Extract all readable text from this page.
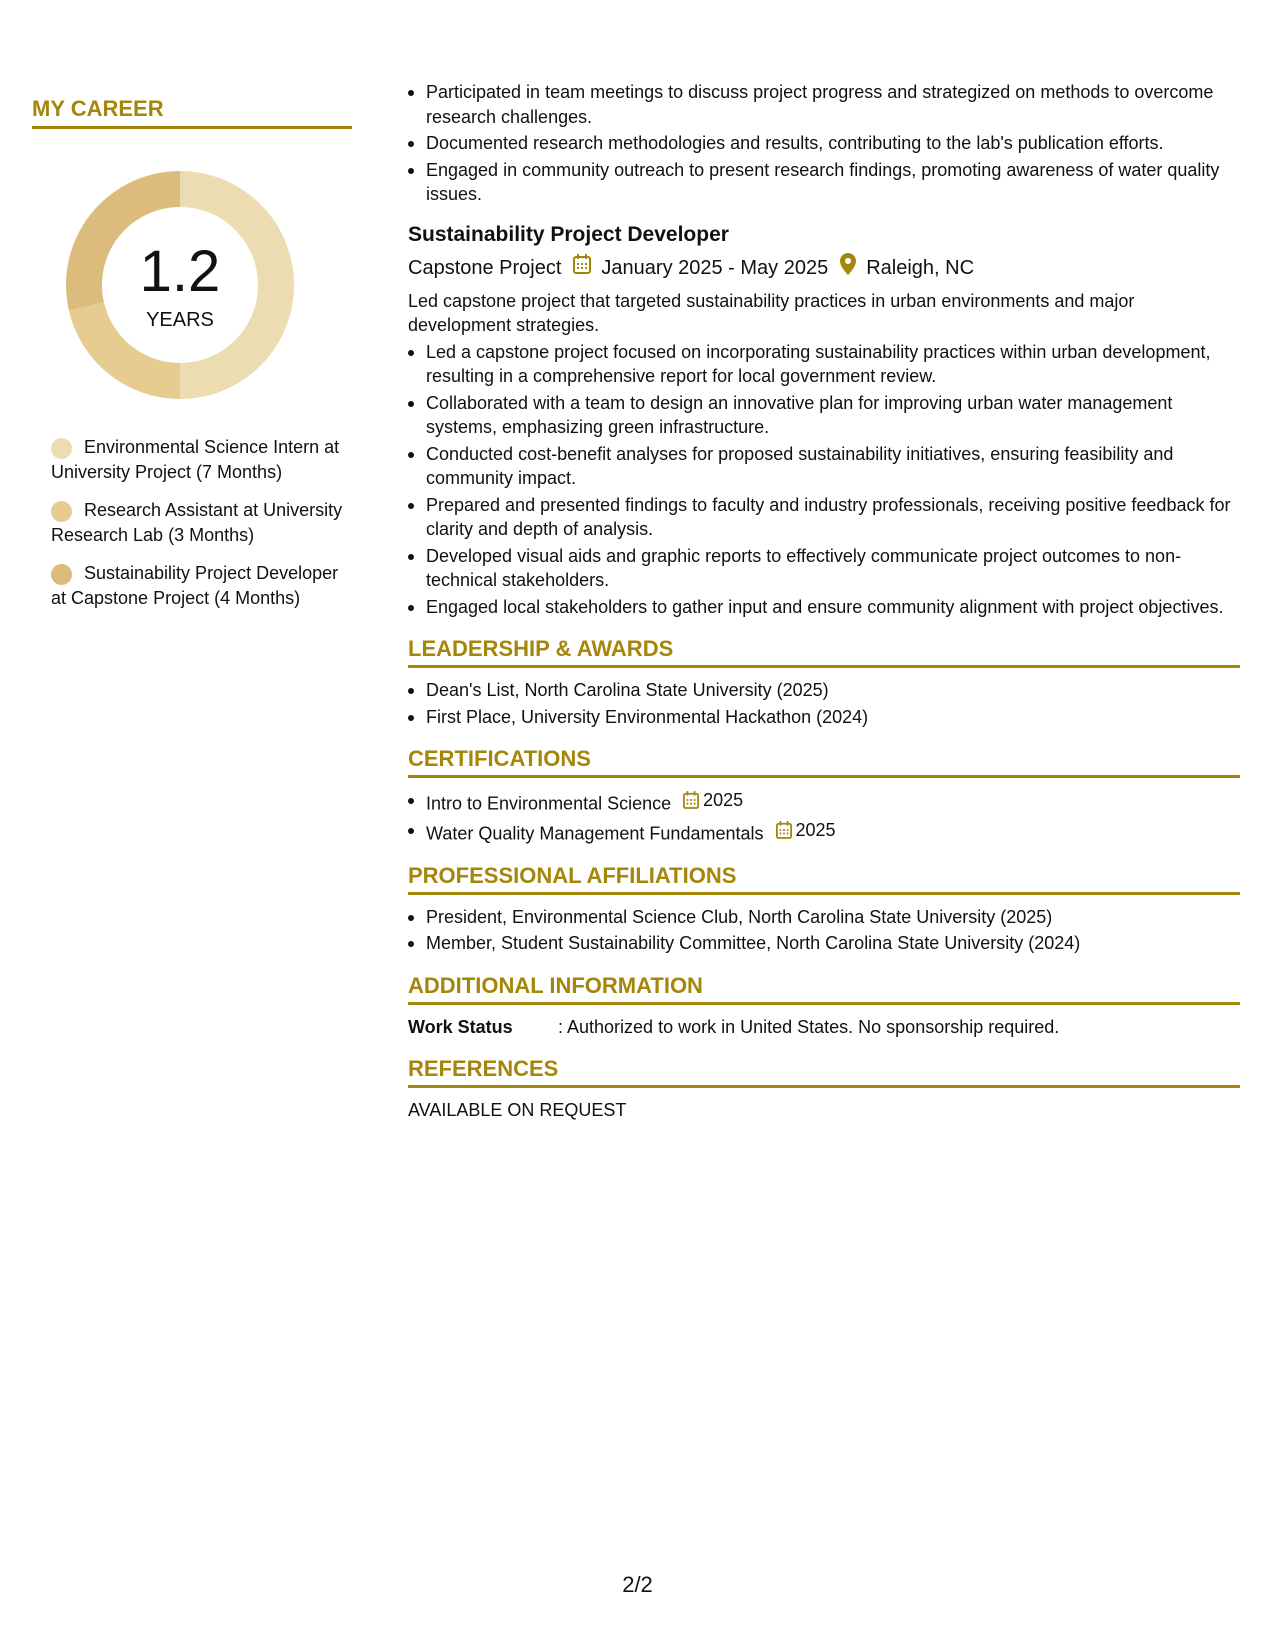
MY CAREER
1.2
YEARS
Environmental Science Intern at University Project (7 Months)
Research Assistant at University Research Lab (3 Months)
Sustainability Project Developer at Capstone Project (4 Months)
Participated in team meetings to discuss project progress and strategized on methods to overcome research challenges.
Documented research methodologies and results, contributing to the lab's publication efforts.
Engaged in community outreach to present research findings, promoting awareness of water quality issues.
Sustainability Project Developer
Capstone Project January 2025 - May 2025 Raleigh, NC
Led capstone project that targeted sustainability practices in urban environments and major development strategies.
Led a capstone project focused on incorporating sustainability practices within urban development, resulting in a comprehensive report for local government review.
Collaborated with a team to design an innovative plan for improving urban water management systems, emphasizing green infrastructure.
Conducted cost-benefit analyses for proposed sustainability initiatives, ensuring feasibility and community impact.
Prepared and presented findings to faculty and industry professionals, receiving positive feedback for clarity and depth of analysis.
Developed visual aids and graphic reports to effectively communicate project outcomes to non-technical stakeholders.
Engaged local stakeholders to gather input and ensure community alignment with project objectives.
LEADERSHIP & AWARDS
Dean's List, North Carolina State University (2025)
First Place, University Environmental Hackathon (2024)
CERTIFICATIONS
Intro to Environmental Science 2025
Water Quality Management Fundamentals 2025
PROFESSIONAL AFFILIATIONS
President, Environmental Science Club, North Carolina State University (2025)
Member, Student Sustainability Committee, North Carolina State University (2024)
ADDITIONAL INFORMATION
Work Status	: Authorized to work in United States. No sponsorship required.
REFERENCES
AVAILABLE ON REQUEST
2/2
